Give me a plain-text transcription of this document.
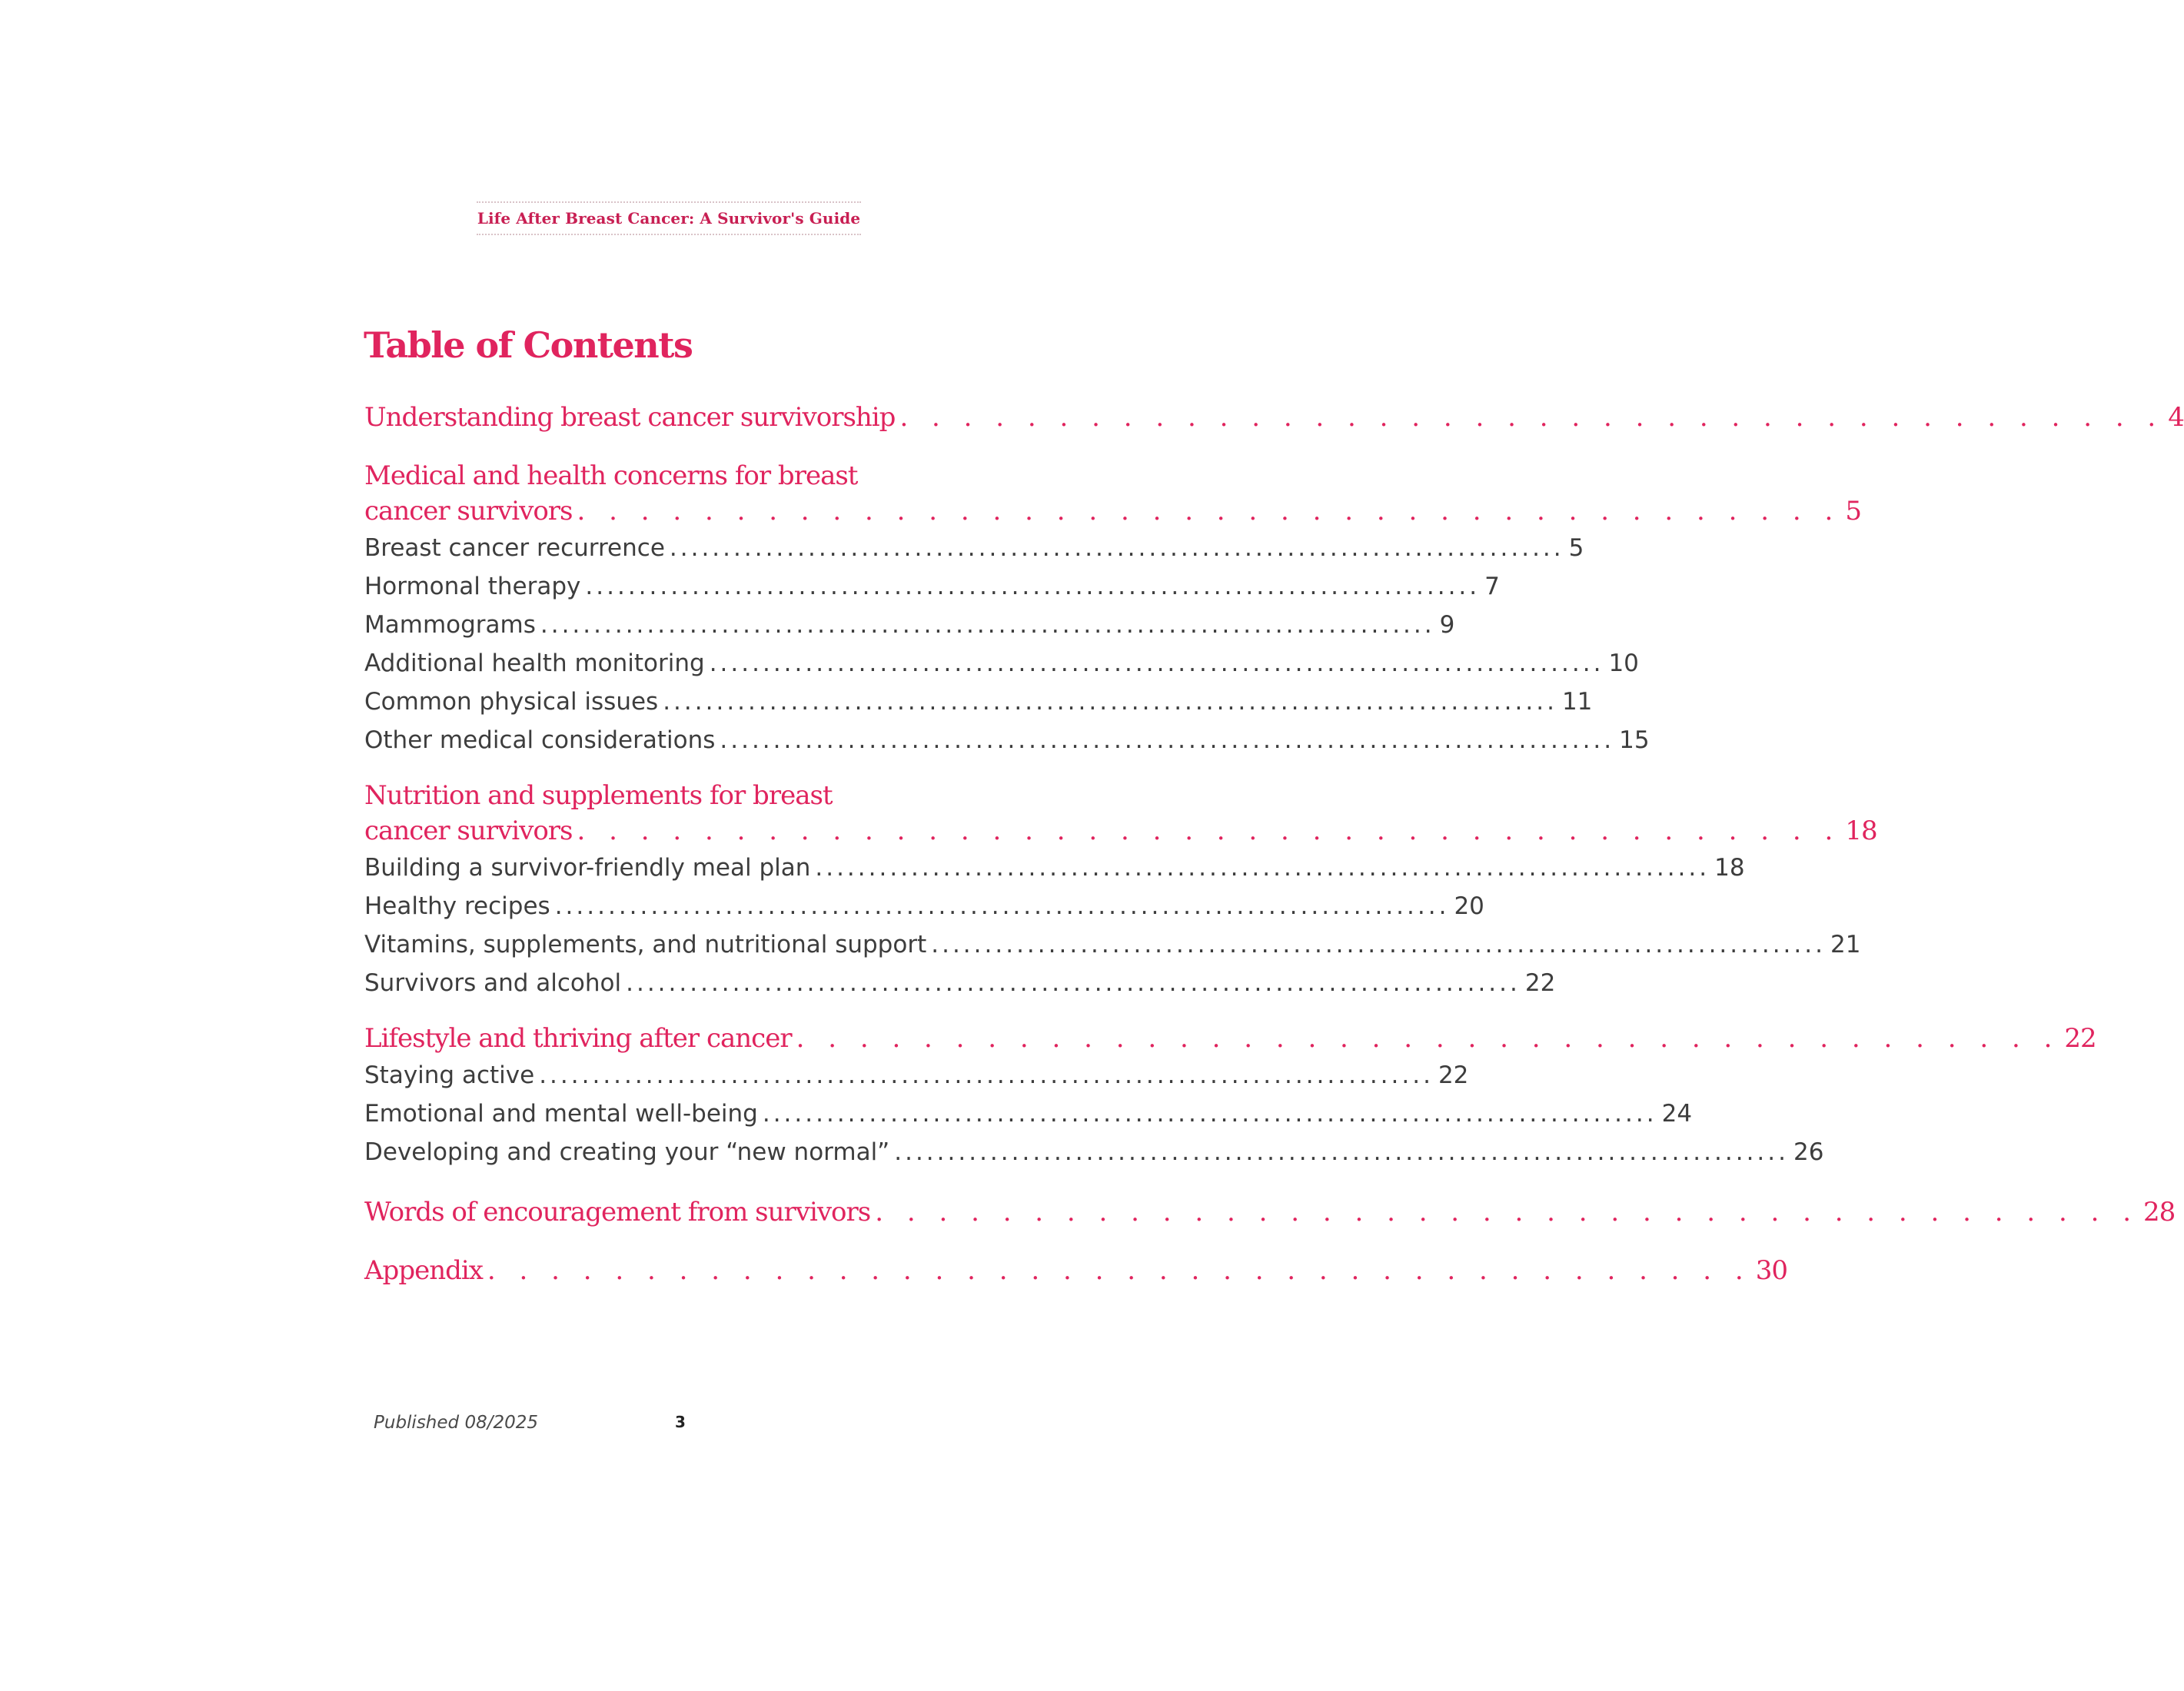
Life After Breast Cancer: A Survivor's Guide
Table of Contents
Understanding breast cancer survivorship . . . . . . . . . . . . . . . . . . . . . . . . . . . . . . . . . . . . . . . . 4
Medical and health concerns for breast
cancer survivors . . . . . . . . . . . . . . . . . . . . . . . . . . . . . . . . . . . . . . . . 5
Breast cancer recurrence .................................................................................... 5
Hormonal therapy .................................................................................... 7
Mammograms .................................................................................... 9
Additional health monitoring .................................................................................... 10
Common physical issues .................................................................................... 11
Other medical considerations .................................................................................... 15
Nutrition and supplements for breast
cancer survivors . . . . . . . . . . . . . . . . . . . . . . . . . . . . . . . . . . . . . . . . 18
Building a survivor-friendly meal plan .................................................................................... 18
Healthy recipes .................................................................................... 20
Vitamins, supplements, and nutritional support .................................................................................... 21
Survivors and alcohol .................................................................................... 22
Lifestyle and thriving after cancer . . . . . . . . . . . . . . . . . . . . . . . . . . . . . . . . . . . . . . . . 22
Staying active .................................................................................... 22
Emotional and mental well-being .................................................................................... 24
Developing and creating your “new normal” .................................................................................... 26
Words of encouragement from survivors . . . . . . . . . . . . . . . . . . . . . . . . . . . . . . . . . . . . . . . . 28
Appendix . . . . . . . . . . . . . . . . . . . . . . . . . . . . . . . . . . . . . . . . 30
Published 08/2025	3
